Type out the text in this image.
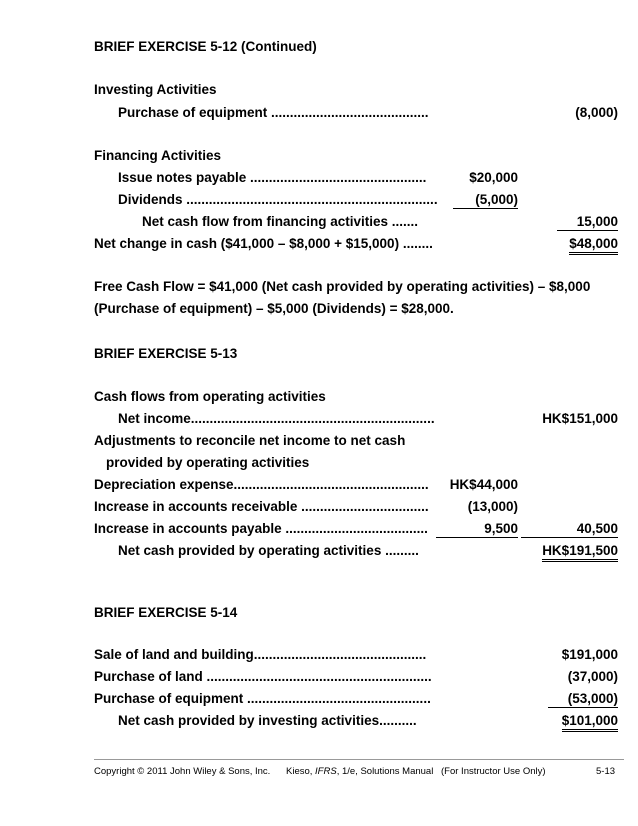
BRIEF EXERCISE 5-12 (Continued)
Investing Activities
Purchase of equipment ..........................................	(8,000)
Financing Activities
Issue notes payable ...............................................	$20,000
Dividends ...................................................................	(5,000)
Net cash flow from financing activities .......	15,000
Net change in cash ($41,000 – $8,000 + $15,000) ........	$48,000
Free Cash Flow = $41,000 (Net cash provided by operating activities) – $8,000 (Purchase of equipment) – $5,000 (Dividends) = $28,000.
BRIEF EXERCISE 5-13
Cash flows from operating activities
Net income.................................................................	HK$151,000
Adjustments to reconcile net income to net cash
provided by operating activities
Depreciation expense.................................................... HK$44,000
Increase in accounts receivable ..................................	(13,000)
Increase in accounts payable ......................................	9,500	40,500
Net cash provided by operating activities .........	HK$191,500
BRIEF EXERCISE 5-14
Sale of land and building..............................................	$191,000
Purchase of land ............................................................	(37,000)
Purchase of equipment .................................................	(53,000)
Net cash provided by investing activities..........	$101,000
Copyright © 2011 John Wiley & Sons, Inc. Kieso, IFRS, 1/e, Solutions Manual (For Instructor Use Only)	5-13
